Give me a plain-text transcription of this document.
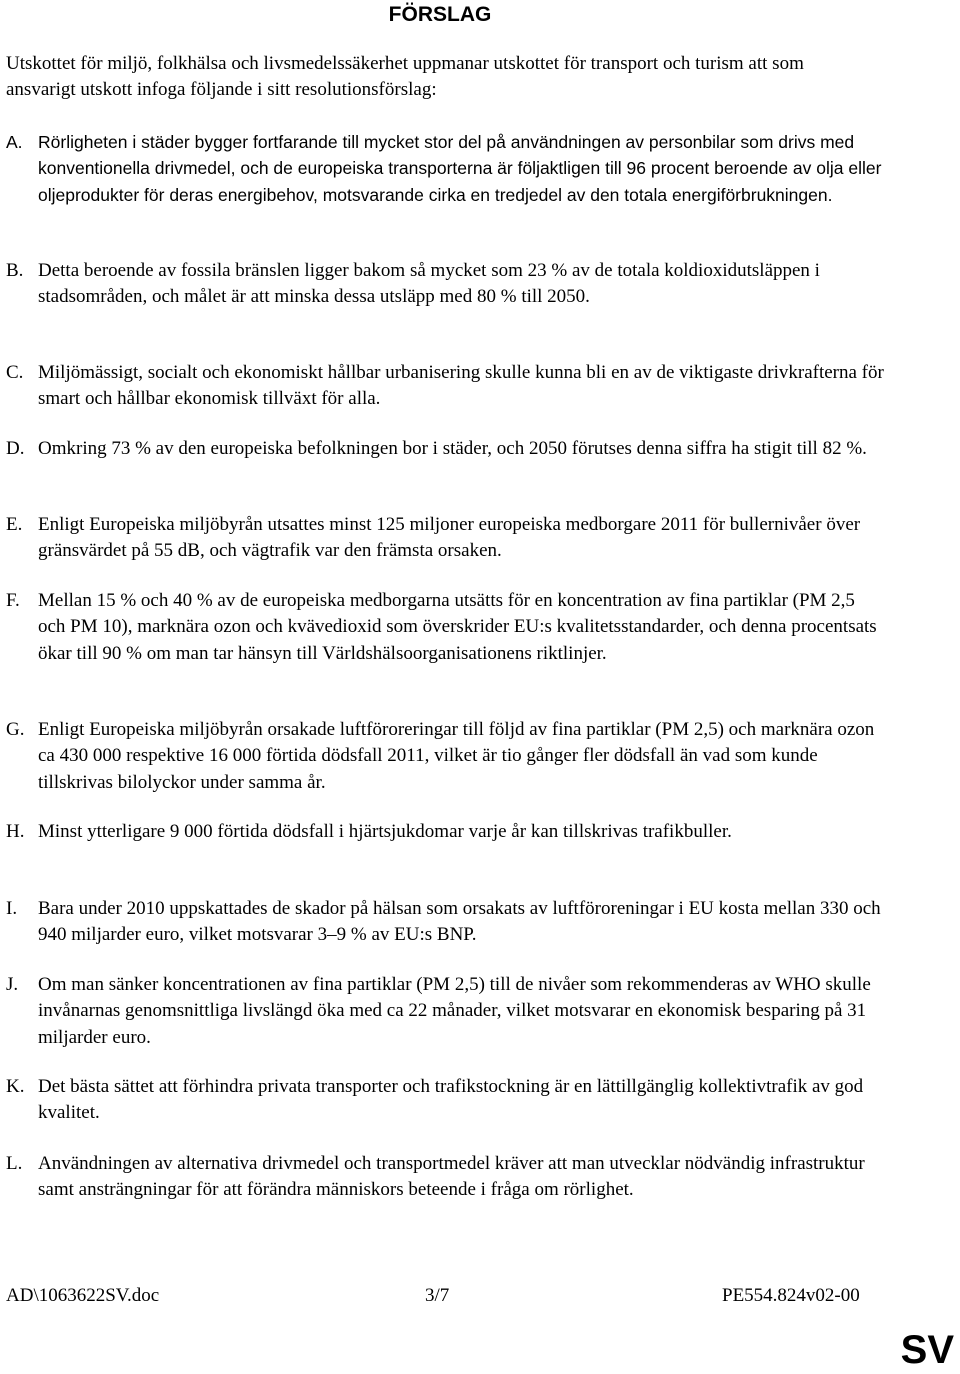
FÖRSLAG
Utskottet för miljö, folkhälsa och livsmedelssäkerhet uppmanar utskottet för transport och turism att som ansvarigt utskott infoga följande i sitt resolutionsförslag:
A. Rörligheten i städer bygger fortfarande till mycket stor del på användningen av personbilar som drivs med konventionella drivmedel, och de europeiska transporterna är följaktligen till 96 procent beroende av olja eller oljeprodukter för deras energibehov, motsvarande cirka en tredjedel av den totala energiförbrukningen.
B. Detta beroende av fossila bränslen ligger bakom så mycket som 23 % av de totala koldioxidutsläppen i stadsområden, och målet är att minska dessa utsläpp med 80 % till 2050.
C. Miljömässigt, socialt och ekonomiskt hållbar urbanisering skulle kunna bli en av de viktigaste drivkrafterna för smart och hållbar ekonomisk tillväxt för alla.
D. Omkring 73 % av den europeiska befolkningen bor i städer, och 2050 förutses denna siffra ha stigit till 82 %.
E. Enligt Europeiska miljöbyrån utsattes minst 125 miljoner europeiska medborgare 2011 för bullernivåer över gränsvärdet på 55 dB, och vägtrafik var den främsta orsaken.
F. Mellan 15 % och 40 % av de europeiska medborgarna utsätts för en koncentration av fina partiklar (PM 2,5 och PM 10), marknära ozon och kvävedioxid som överskrider EU:s kvalitetsstandarder, och denna procentsats ökar till 90 % om man tar hänsyn till Världshälsoorganisationens riktlinjer.
G. Enligt Europeiska miljöbyrån orsakade luftföroreringar till följd av fina partiklar (PM 2,5) och marknära ozon ca 430 000 respektive 16 000 förtida dödsfall 2011, vilket är tio gånger fler dödsfall än vad som kunde tillskrivas bilolyckor under samma år.
H. Minst ytterligare 9 000 förtida dödsfall i hjärtsjukdomar varje år kan tillskrivas trafikbuller.
I. Bara under 2010 uppskattades de skador på hälsan som orsakats av luftföroreningar i EU kosta mellan 330 och 940 miljarder euro, vilket motsvarar 3–9 % av EU:s BNP.
J. Om man sänker koncentrationen av fina partiklar (PM 2,5) till de nivåer som rekommenderas av WHO skulle invånarnas genomsnittliga livslängd öka med ca 22 månader, vilket motsvarar en ekonomisk besparing på 31 miljarder euro.
K. Det bästa sättet att förhindra privata transporter och trafikstockning är en lättillgänglig kollektivtrafik av god kvalitet.
L. Användningen av alternativa drivmedel och transportmedel kräver att man utvecklar nödvändig infrastruktur samt ansträngningar för att förändra människors beteende i fråga om rörlighet.
AD\1063622SV.doc	3/7	PE554.824v02-00
SV
